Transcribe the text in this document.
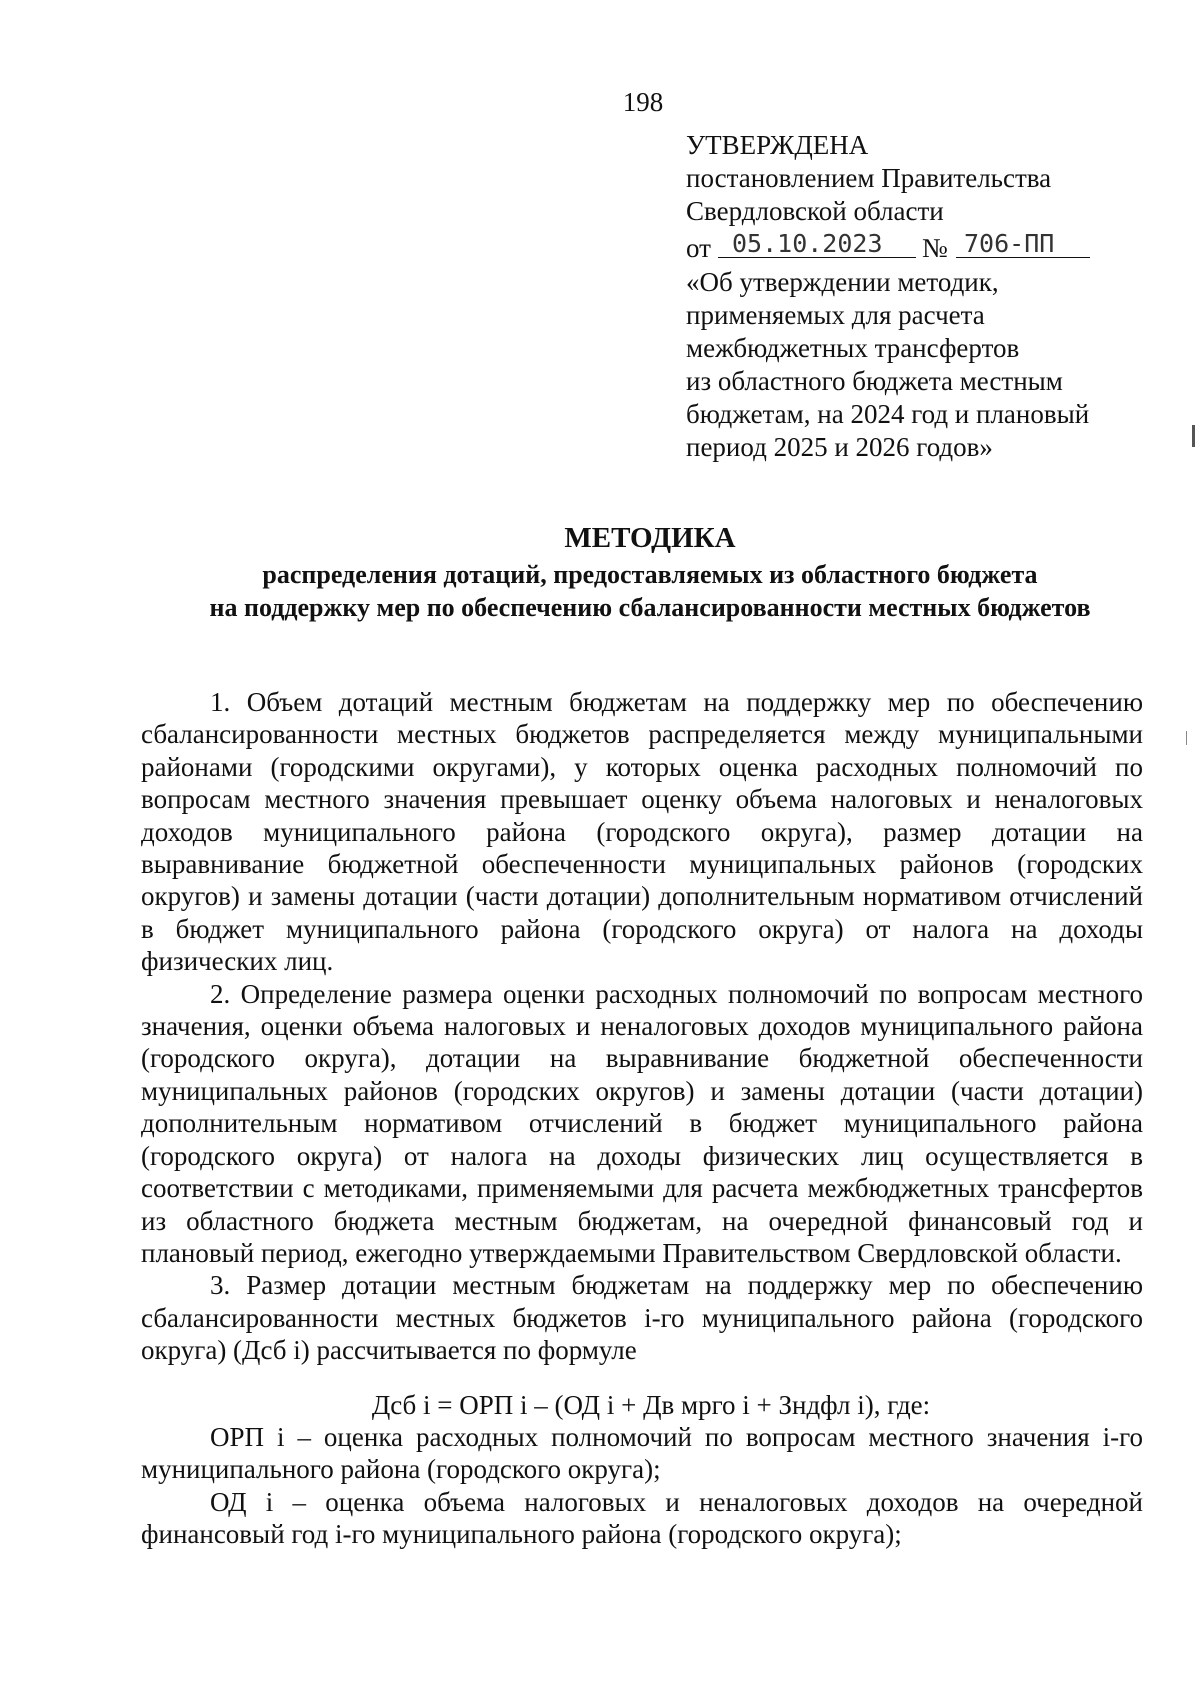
198
УТВЕРЖДЕНА
постановлением Правительства
Свердловской области
от 05.10.2023	№ 706-ПП
«Об утверждении методик,
применяемых для расчета
межбюджетных трансфертов
из областного бюджета местным
бюджетам, на 2024 год и плановый
период 2025 и 2026 годов»
МЕТОДИКА
распределения дотаций, предоставляемых из областного бюджета
на поддержку мер по обеспечению сбалансированности местных бюджетов

1. Объем дотаций местным бюджетам на поддержку мер по обеспечению сбалансированности местных бюджетов распределяется между муниципальными районами (городскими округами), у которых оценка расходных полномочий по вопросам местного значения превышает оценку объема налоговых и неналоговых доходов муниципального района (городского округа), размер дотации на выравнивание бюджетной обеспеченности муниципальных районов (городских округов) и замены дотации (части дотации) дополнительным нормативом отчислений в бюджет муниципального района (городского округа) от налога на доходы физических лиц.

2. Определение размера оценки расходных полномочий по вопросам местного значения, оценки объема налоговых и неналоговых доходов муниципального района (городского округа), дотации на выравнивание бюджетной обеспеченности муниципальных районов (городских округов) и замены дотации (части дотации) дополнительным нормативом отчислений в бюджет муниципального района (городского округа) от налога на доходы физических лиц осуществляется в соответствии с методиками, применяемыми для расчета межбюджетных трансфертов из областного бюджета местным бюджетам, на очередной финансовый год и плановый период, ежегодно утверждаемыми Правительством Свердловской области.

3. Размер дотации местным бюджетам на поддержку мер по обеспечению сбалансированности местных бюджетов i-го муниципального района (городского округа) (Дсб i) рассчитывается по формуле

Дсб i = ОРП i – (ОД i + Дв мрго i + Зндфл i), где:

ОРП i – оценка расходных полномочий по вопросам местного значения i-го муниципального района (городского округа);

ОД i – оценка объема налоговых и неналоговых доходов на очередной финансовый год i-го муниципального района (городского округа);
